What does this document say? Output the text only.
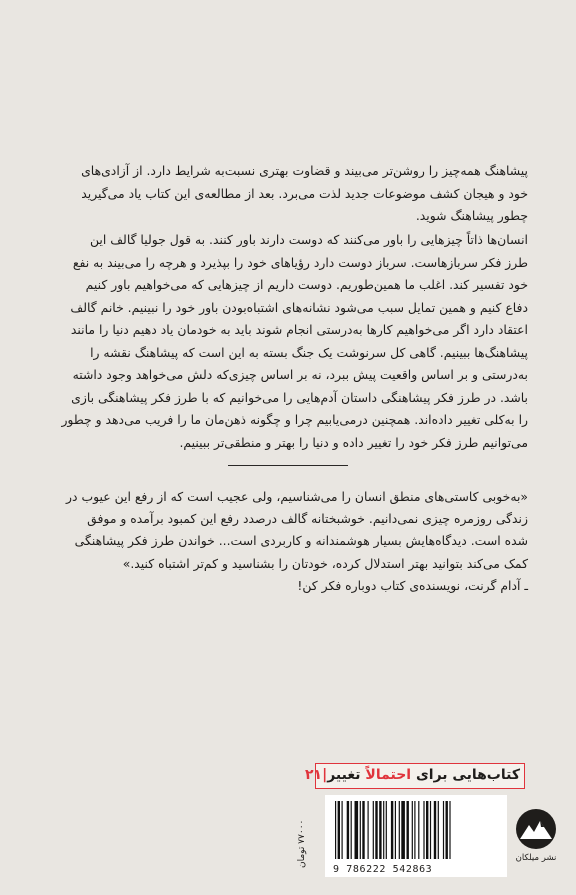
پیشاهنگ همه‌چیز را روشن‌تر می‌بیند و قضاوت بهتری نسبت‌به شرایط دارد. از آزادی‌های
خود و هیجان کشف موضوعات جدید لذت می‌برد. بعد از مطالعه‌ی این کتاب یاد می‌گیرید
چطور پیشاهنگ شوید.
انسان‌ها ذاتاً چیزهایی را باور می‌کنند که دوست دارند باور کنند. به قول جولیا گالف این
طرز فکر سربازهاست. سرباز دوست دارد رؤیاهای خود را بپذیرد و هرچه را می‌بیند به نفع
خود تفسیر کند. اغلب ما همین‌طوریم. دوست داریم از چیزهایی که می‌خواهیم باور کنیم
دفاع کنیم و همین تمایل سبب می‌شود نشانه‌های اشتباه‌بودن باور خود را نبینیم. خانم گالف
اعتقاد دارد اگر می‌خواهیم کارها به‌درستی انجام شوند باید به خودمان یاد دهیم دنیا را مانند
پیشاهنگ‌ها ببینیم. گاهی کل سرنوشت یک جنگ بسته به این است که پیشاهنگ نقشه را
به‌درستی و بر اساس واقعیت پیش ببرد، نه بر اساس چیزی‌که دلش می‌خواهد وجود داشته
باشد. در طرز فکر پیشاهنگی داستان آدم‌هایی را می‌خوانیم که با طرز فکر پیشاهنگی بازی
را به‌کلی تغییر داده‌اند. همچنین درمی‌یابیم چرا و چگونه ذهن‌مان ما را فریب می‌دهد و چطور
می‌توانیم طرز فکر خود را تغییر داده و دنیا را بهتر و منطقی‌تر ببینیم.
«به‌خوبی کاستی‌های منطق انسان را می‌شناسیم، ولی عجیب است که از رفع این عیوب در
زندگی روزمره چیزی نمی‌دانیم. خوشبختانه گالف درصدد رفع این کمبود برآمده و موفق
شده است. دیدگاه‌هایش بسیار هوشمندانه و کاربردی است... خواندن طرز فکر پیشاهنگی
کمک می‌کند بتوانید بهتر استدلال کرده، خودتان را بشناسید و کم‌تر اشتباه کنید.»
ـ آدام گرنت، نویسنده‌ی کتاب دوباره فکر کن!
کتاب‌هایی برای احتمالاً تغییر|۲۱
۷۷۰۰۰ تومان
9 786222 542863
نشر میلکان
